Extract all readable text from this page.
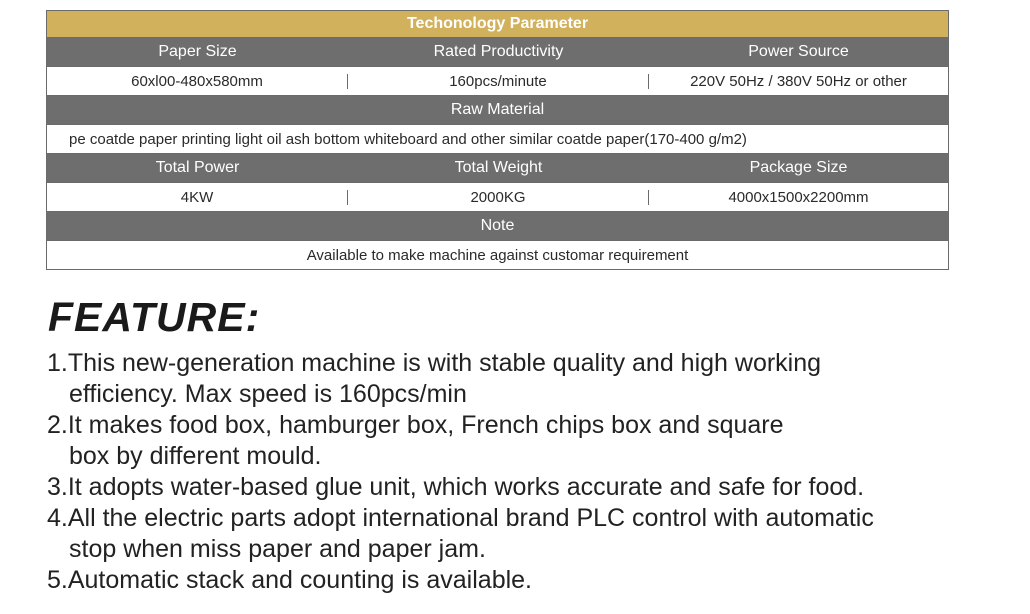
Techonology Parameter
Paper Size	Rated Productivity	Power Source
60xl00-480x580mm	160pcs/minute	220V 50Hz / 380V 50Hz or other
Raw Material
pe coatde paper printing light oil ash bottom whiteboard and other similar coatde paper(170-400 g/m2)
Total Power	Total Weight	Package Size
4KW	2000KG	4000x1500x2200mm
Note
Available to make machine against customar requirement
FEATURE:

1.This new-generation machine is with stable quality and high working
efficiency. Max speed is 160pcs/min

2.It makes food box, hamburger box, French chips box and square
box by different mould.

3.It adopts water-based glue unit, which works accurate and safe for food.

4.All the electric parts adopt international brand PLC control with automatic
stop when miss paper and paper jam.

5.Automatic stack and counting is available.
